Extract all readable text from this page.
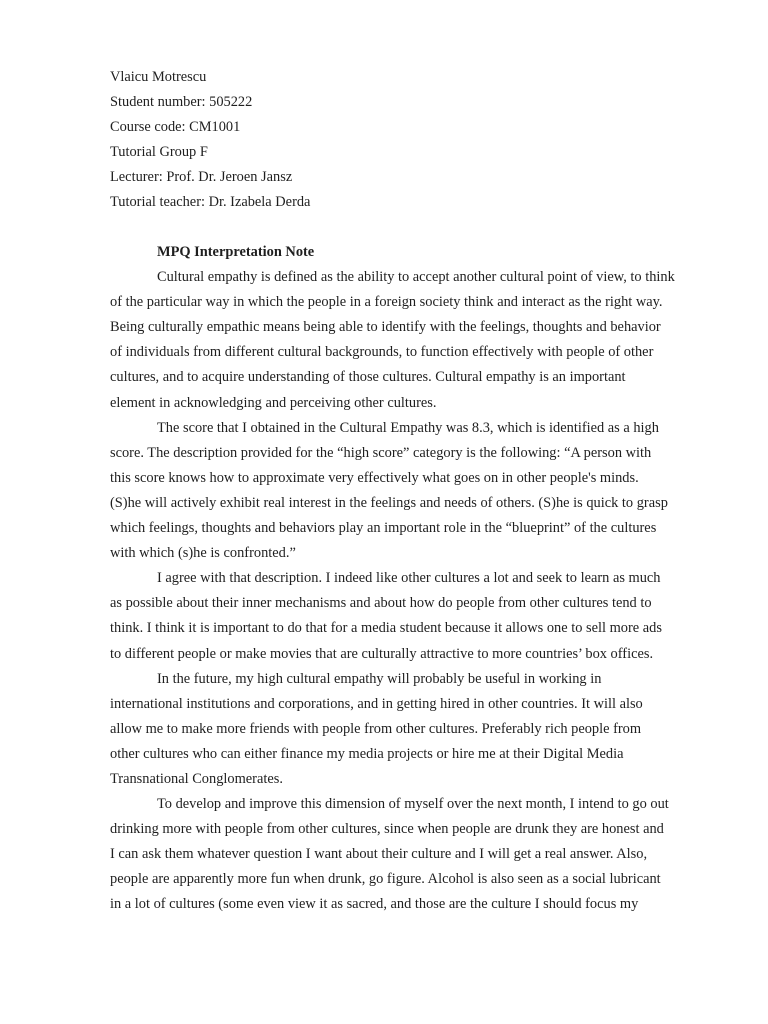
Vlaicu Motrescu
Student number: 505222
Course code: CM1001
Tutorial Group F
Lecturer: Prof. Dr. Jeroen Jansz
Tutorial teacher: Dr. Izabela Derda
MPQ Interpretation Note
Cultural empathy is defined as the ability to accept another cultural point of view, to think
of the particular way in which the people in a foreign society think and interact as the right way.
Being culturally empathic means being able to identify with the feelings, thoughts and behavior
of individuals from different cultural backgrounds, to function effectively with people of other
cultures, and to acquire understanding of those cultures. Cultural empathy is an important
element in acknowledging and perceiving other cultures.
The score that I obtained in the Cultural Empathy was 8.3, which is identified as a high
score. The description provided for the “high score” category is the following: “A person with
this score knows how to approximate very effectively what goes on in other people's minds.
(S)he will actively exhibit real interest in the feelings and needs of others. (S)he is quick to grasp
which feelings, thoughts and behaviors play an important role in the “blueprint” of the cultures
with which (s)he is confronted.”
I agree with that description. I indeed like other cultures a lot and seek to learn as much
as possible about their inner mechanisms and about how do people from other cultures tend to
think. I think it is important to do that for a media student because it allows one to sell more ads
to different people or make movies that are culturally attractive to more countries’ box offices.
In the future, my high cultural empathy will probably be useful in working in
international institutions and corporations, and in getting hired in other countries. It will also
allow me to make more friends with people from other cultures. Preferably rich people from
other cultures who can either finance my media projects or hire me at their Digital Media
Transnational Conglomerates.
To develop and improve this dimension of myself over the next month, I intend to go out
drinking more with people from other cultures, since when people are drunk they are honest and
I can ask them whatever question I want about their culture and I will get a real answer. Also,
people are apparently more fun when drunk, go figure. Alcohol is also seen as a social lubricant
in a lot of cultures (some even view it as sacred, and those are the culture I should focus my
